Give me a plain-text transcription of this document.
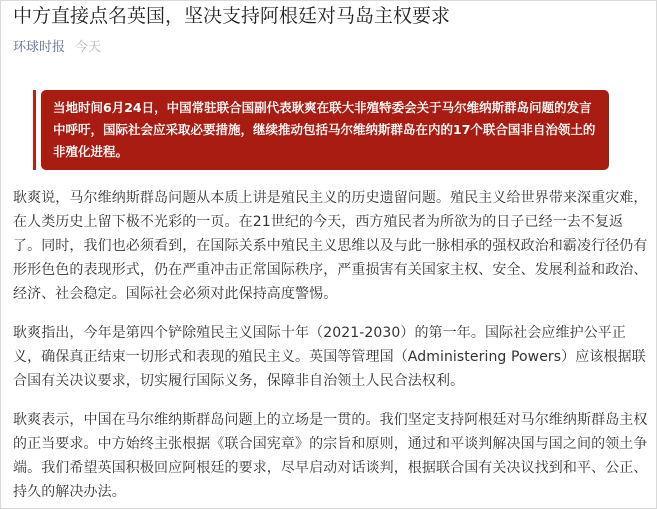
中方直接点名英国，坚决支持阿根廷对马岛主权要求
环球时报 今天

当地时间6月24日，中国常驻联合国副代表耿爽在联大非殖特委会关于马尔维纳斯群岛问题的发言中呼吁，国际社会应采取必要措施，继续推动包括马尔维纳斯群岛在内的17个联合国非自治领土的非殖化进程。

耿爽说，马尔维纳斯群岛问题从本质上讲是殖民主义的历史遗留问题。殖民主义给世界带来深重灾难，在人类历史上留下极不光彩的一页。在21世纪的今天，西方殖民者为所欲为的日子已经一去不复返了。同时，我们也必须看到，在国际关系中殖民主义思维以及与此一脉相承的强权政治和霸凌行径仍有形形色色的表现形式，仍在严重冲击正常国际秩序，严重损害有关国家主权、安全、发展利益和政治、经济、社会稳定。国际社会必须对此保持高度警惕。

耿爽指出，今年是第四个铲除殖民主义国际十年（2021-2030）的第一年。国际社会应维护公平正义，确保真正结束一切形式和表现的殖民主义。英国等管理国（Administering Powers）应该根据联合国有关决议要求，切实履行国际义务，保障非自治领土人民合法权利。

耿爽表示，中国在马尔维纳斯群岛问题上的立场是一贯的。我们坚定支持阿根廷对马尔维纳斯群岛主权的正当要求。中方始终主张根据《联合国宪章》的宗旨和原则，通过和平谈判解决国与国之间的领土争端。我们希望英国积极回应阿根廷的要求，尽早启动对话谈判，根据联合国有关决议找到和平、公正、持久的解决办法。
